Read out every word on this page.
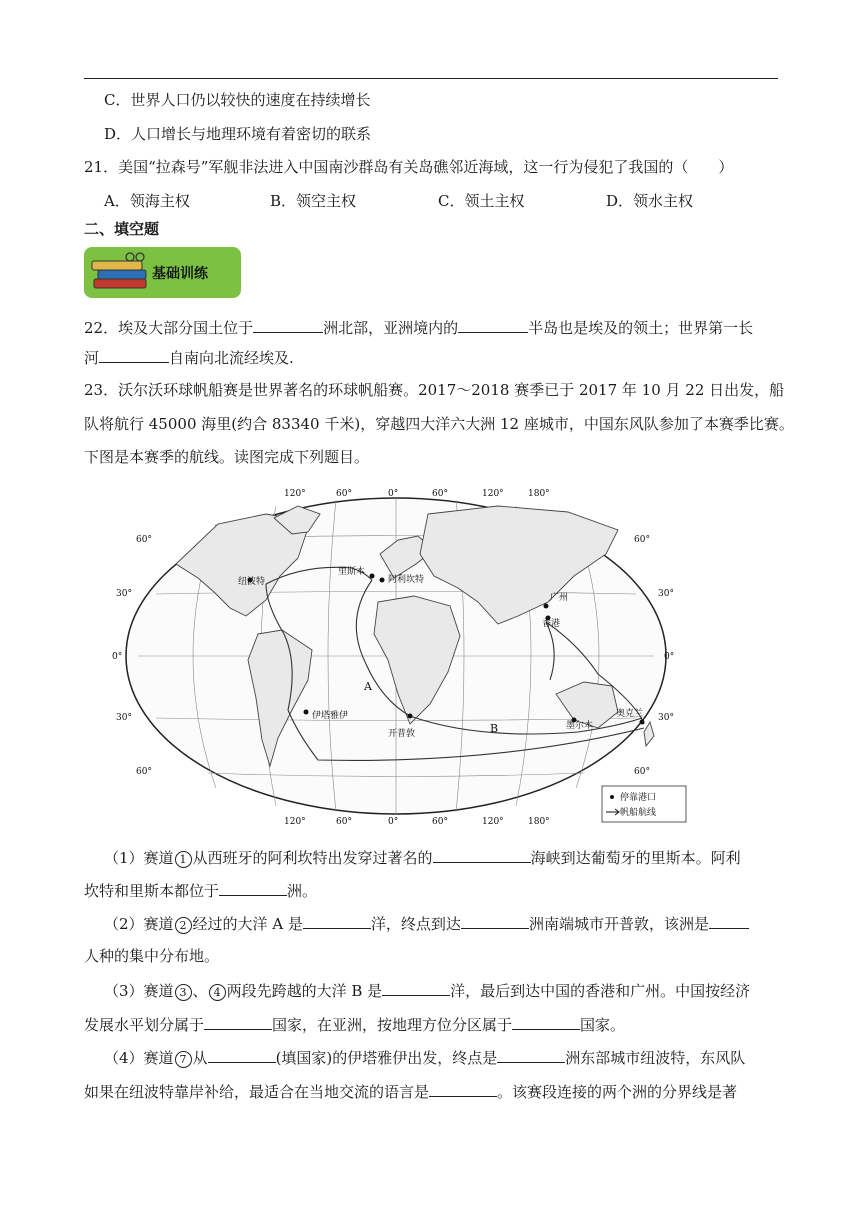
C．世界人口仍以较快的速度在持续增长
D．人口增长与地理环境有着密切的联系
21．美国“拉森号”军舰非法进入中国南沙群岛有关岛礁邻近海域，这一行为侵犯了我国的（　　）
A．领海主权	B．领空主权	C．领土主权	D．领水主权
二、填空题
基础训练
22．埃及大部分国土位于	洲北部，亚洲境内的	半岛也是埃及的领土；世界第一长
河	自南向北流经埃及.
23．沃尔沃环球帆船赛是世界著名的环球帆船赛。2017～2018 赛季已于 2017 年 10 月 22 日出发，船
队将航行 45000 海里(约合 83340 千米)，穿越四大洋六大洲 12 座城市，中国东风队参加了本赛季比赛。
下图是本赛季的航线。读图完成下列题目。
纽波特
里斯本
阿利坎特
广州
香港
伊塔雅伊
开普敦
墨尔本
奥克兰
A
B
120°	60°	0°	60°	120°	180°
120°	60°	0°	60°	120°	180°
60°
30°
0°
30°
60°
60°
30°
0°
30°
60°
停靠港口
帆船航线
（1）赛道 1 从西班牙的阿利坎特出发穿过著名的	海峡到达葡萄牙的里斯本。阿利
坎特和里斯本都位于	洲。
（2）赛道 2 经过的大洋 A 是	洋，终点到达	洲南端城市开普敦，该洲是
人种的集中分布地。
（3）赛道 3 、 4 两段先跨越的大洋 B 是	洋，最后到达中国的香港和广州。中国按经济
发展水平划分属于	国家，在亚洲，按地理方位分区属于	国家。
（4）赛道 7 从	(填国家)的伊塔雅伊出发，终点是	洲东部城市纽波特，东风队
如果在纽波特靠岸补给，最适合在当地交流的语言是	。该赛段连接的两个洲的分界线是著
